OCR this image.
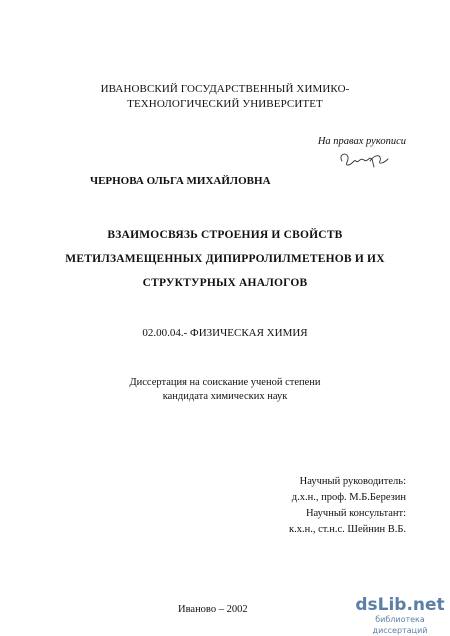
ИВАНОВСКИЙ ГОСУДАРСТВЕННЫЙ ХИМИКО-
ТЕХНОЛОГИЧЕСКИЙ УНИВЕРСИТЕТ
На правах рукописи
ЧЕРНОВА ОЛЬГА МИХАЙЛОВНА
ВЗАИМОСВЯЗЬ СТРОЕНИЯ И СВОЙСТВ
МЕТИЛЗАМЕЩЕННЫХ ДИПИРРОЛИЛМЕТЕНОВ И ИХ
СТРУКТУРНЫХ АНАЛОГОВ
02.00.04.- ФИЗИЧЕСКАЯ ХИМИЯ
Диссертация на соискание ученой степени
кандидата химических наук
Научный руководитель:
д.х.н., проф. М.Б.Березин
Научный консультант:
к.х.н., ст.н.с. Шейнин В.Б.
Иваново – 2002	dsLib.net
библиотека диссертаций
